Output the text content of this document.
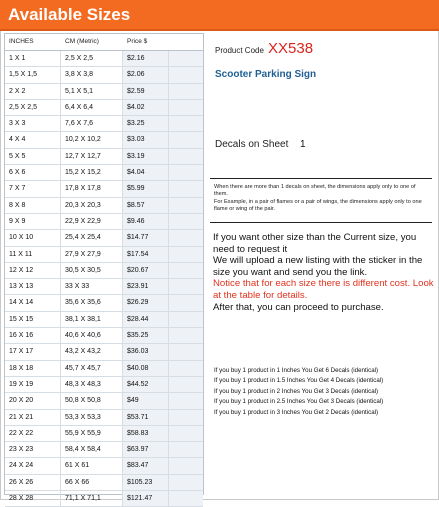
Available Sizes
INCHES	CM (Metric)	Price $
1 X 1	2,5 X 2,5	$2.16
1,5 X 1,5	3,8 X 3,8	$2.06
2 X 2	5,1 X 5,1	$2.59
2,5 X 2,5	6,4 X 6,4	$4.02
3 X 3	7,6 X 7,6	$3.25
4 X 4	10,2 X 10,2	$3.03
5 X 5	12,7 X 12,7	$3.19
6 X 6	15,2 X 15,2	$4.04
7 X 7	17,8 X 17,8	$5.99
8 X 8	20,3 X 20,3	$8.57
9 X 9	22,9 X 22,9	$9.46
10 X 10	25,4 X 25,4	$14.77
11 X 11	27,9 X 27,9	$17.54
12 X 12	30,5 X 30,5	$20.67
13 X 13	33 X 33	$23.91
14 X 14	35,6 X 35,6	$26.29
15 X 15	38,1 X 38,1	$28.44
16 X 16	40,6 X 40,6	$35.25
17 X 17	43,2 X 43,2	$36.03
18 X 18	45,7 X 45,7	$40.08
19 X 19	48,3 X 48,3	$44.52
20 X 20	50,8 X 50,8	$49
21 X 21	53,3 X 53,3	$53.71
22 X 22	55,9 X 55,9	$58.83
23 X 23	58,4 X 58,4	$63.97
24 X 24	61 X 61	$83.47
26 X 26	66 X 66	$105.23
28 X 28	71,1 X 71,1	$121.47
Product Code XX538
Scooter Parking Sign
Decals on Sheet 1
When there are more than 1 decals on sheet, the dimensions apply only to one of them.
For Example, in a pair of flames or a pair of wings, the dimensions apply only to one flame or wing of the pair.
If you want other size than the Current size, you need to request it
We will upload a new listing with the sticker in the size you want and send you the link.
Notice that for each size there is different cost. Look at the table for details.
After that, you can proceed to purchase.
If you buy 1 product in 1 Inches You Get 6 Decals (identical)
If you buy 1 product in 1.5 Inches You Get 4 Decals (identical)
If you buy 1 product in 2 Inches You Get 3 Decals (identical)
If you buy 1 product in 2.5 Inches You Get 3 Decals (identical)
If you buy 1 product in 3 Inches You Get 2 Decals (identical)
